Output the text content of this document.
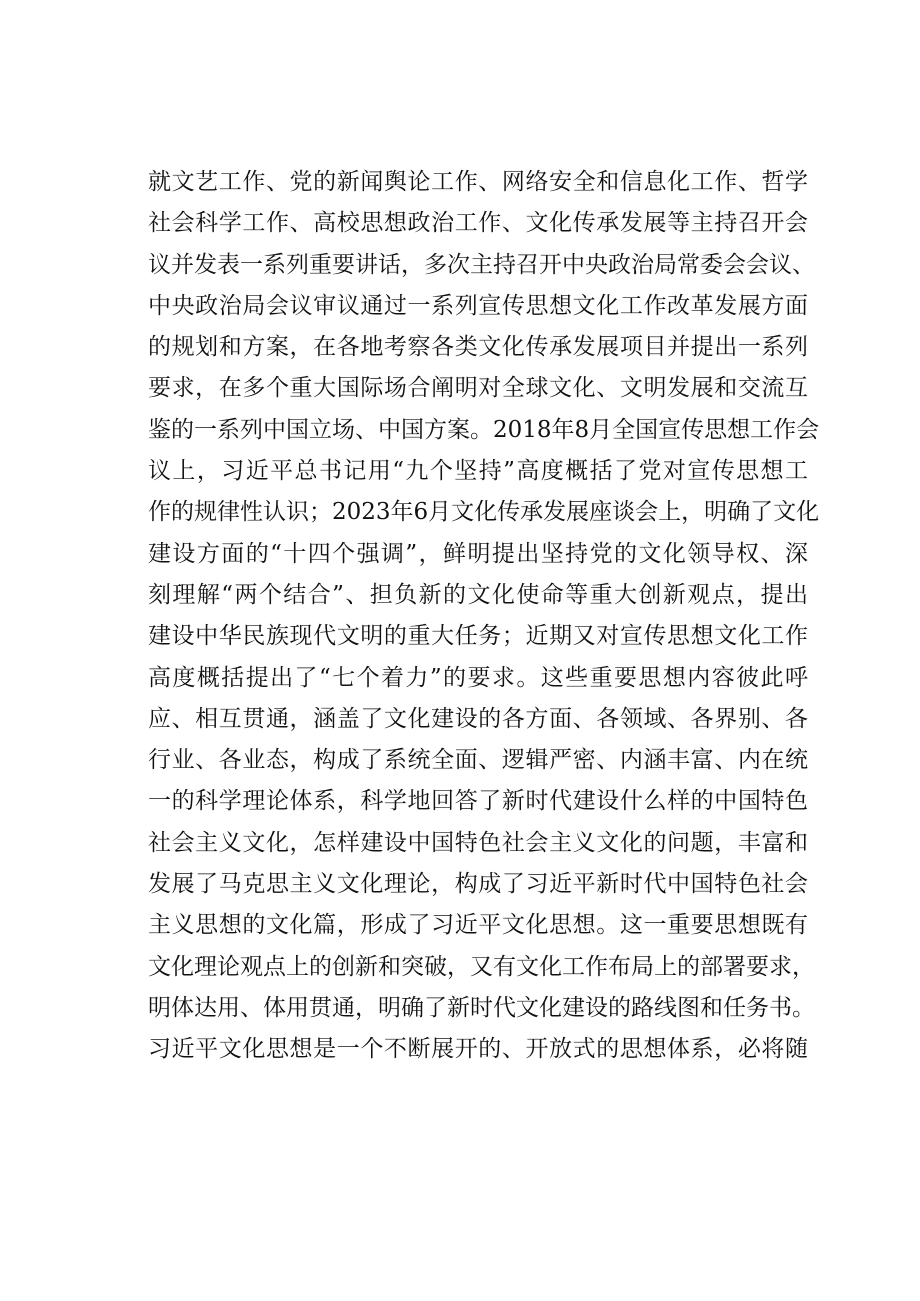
就文艺工作、党的新闻舆论工作、网络安全和信息化工作、哲学
社会科学工作、高校思想政治工作、文化传承发展等主持召开会
议并发表一系列重要讲话，多次主持召开中央政治局常委会会议、
中央政治局会议审议通过一系列宣传思想文化工作改革发展方面
的规划和方案，在各地考察各类文化传承发展项目并提出一系列
要求，在多个重大国际场合阐明对全球文化、文明发展和交流互
鉴的一系列中国立场、中国方案。2018年8月全国宣传思想工作会
议上，习近平总书记用“九个坚持”高度概括了党对宣传思想工
作的规律性认识；2023年6月文化传承发展座谈会上，明确了文化
建设方面的“十四个强调”，鲜明提出坚持党的文化领导权、深
刻理解“两个结合”、担负新的文化使命等重大创新观点，提出
建设中华民族现代文明的重大任务；近期又对宣传思想文化工作
高度概括提出了“七个着力”的要求。这些重要思想内容彼此呼
应、相互贯通，涵盖了文化建设的各方面、各领域、各界别、各
行业、各业态，构成了系统全面、逻辑严密、内涵丰富、内在统
一的科学理论体系，科学地回答了新时代建设什么样的中国特色
社会主义文化，怎样建设中国特色社会主义文化的问题，丰富和
发展了马克思主义文化理论，构成了习近平新时代中国特色社会
主义思想的文化篇，形成了习近平文化思想。这一重要思想既有
文化理论观点上的创新和突破，又有文化工作布局上的部署要求，
明体达用、体用贯通，明确了新时代文化建设的路线图和任务书。
习近平文化思想是一个不断展开的、开放式的思想体系，必将随
